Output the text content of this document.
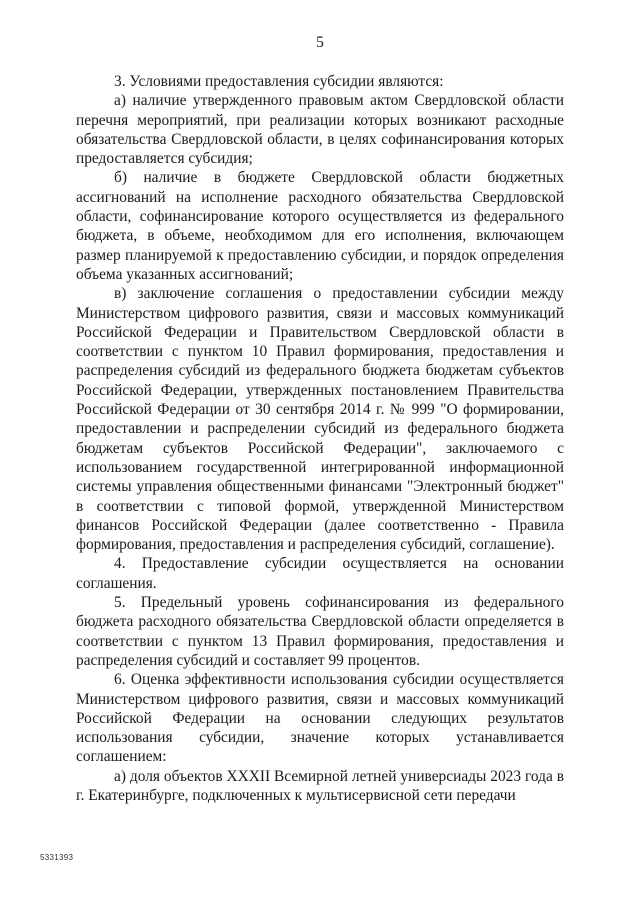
5

3. Условиями предоставления субсидии являются:

а) наличие утвержденного правовым актом Свердловской области перечня мероприятий, при реализации которых возникают расходные обязательства Свердловской области, в целях софинансирования которых предоставляется субсидия;

б) наличие в бюджете Свердловской области бюджетных ассигнований на исполнение расходного обязательства Свердловской области, софинансирование которого осуществляется из федерального бюджета, в объеме, необходимом для его исполнения, включающем размер планируемой к предоставлению субсидии, и порядок определения объема указанных ассигнований;

в) заключение соглашения о предоставлении субсидии между Министерством цифрового развития, связи и массовых коммуникаций Российской Федерации и Правительством Свердловской области в соответствии с пунктом 10 Правил формирования, предоставления и распределения субсидий из федерального бюджета бюджетам субъектов Российской Федерации, утвержденных постановлением Правительства Российской Федерации от 30 сентября 2014 г. № 999 "О формировании, предоставлении и распределении субсидий из федерального бюджета бюджетам субъектов Российской Федерации", заключаемого с использованием государственной интегрированной информационной системы управления общественными финансами "Электронный бюджет" в соответствии с типовой формой, утвержденной Министерством финансов Российской Федерации (далее соответственно - Правила формирования, предоставления и распределения субсидий, соглашение).

4. Предоставление субсидии осуществляется на основании соглашения.

5. Предельный уровень софинансирования из федерального бюджета расходного обязательства Свердловской области определяется в соответствии с пунктом 13 Правил формирования, предоставления и распределения субсидий и составляет 99 процентов.

6. Оценка эффективности использования субсидии осуществляется Министерством цифрового развития, связи и массовых коммуникаций Российской Федерации на основании следующих результатов использования субсидии, значение которых устанавливается соглашением:

а) доля объектов XXXII Всемирной летней универсиады 2023 года в г. Екатеринбурге, подключенных к мультисервисной сети передачи

5331393
